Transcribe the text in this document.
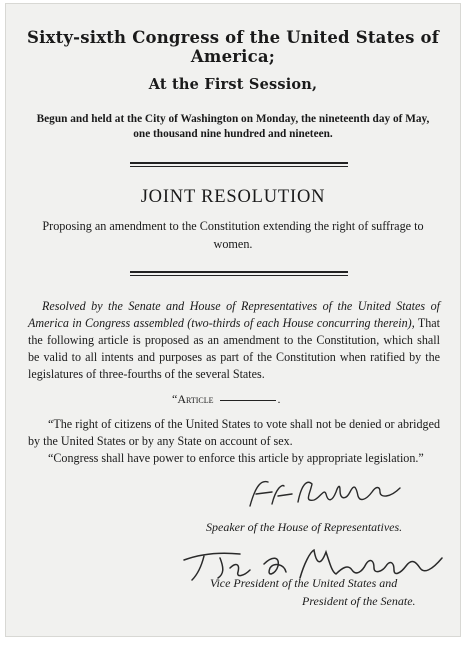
Sixty-sixth Congress of the United States of America;
At the First Session,
Begun and held at the City of Washington on Monday, the nineteenth day of May,
one thousand nine hundred and nineteen.
JOINT RESOLUTION
Proposing an amendment to the Constitution extending the right of suffrage to women.
Resolved by the Senate and House of Representatives of the United States of America in Congress assembled (two-thirds of each House concurring therein), That the following article is proposed as an amendment to the Constitution, which shall be valid to all intents and purposes as part of the Constitution when ratified by the legislatures of three-fourths of the several States.
“Article	.
“The right of citizens of the United States to vote shall not be denied or abridged by the United States or by any State on account of sex.
“Congress shall have power to enforce this article by appropriate legislation.”
Speaker of the House of Representatives.
Vice President of the United States and
President of the Senate.
